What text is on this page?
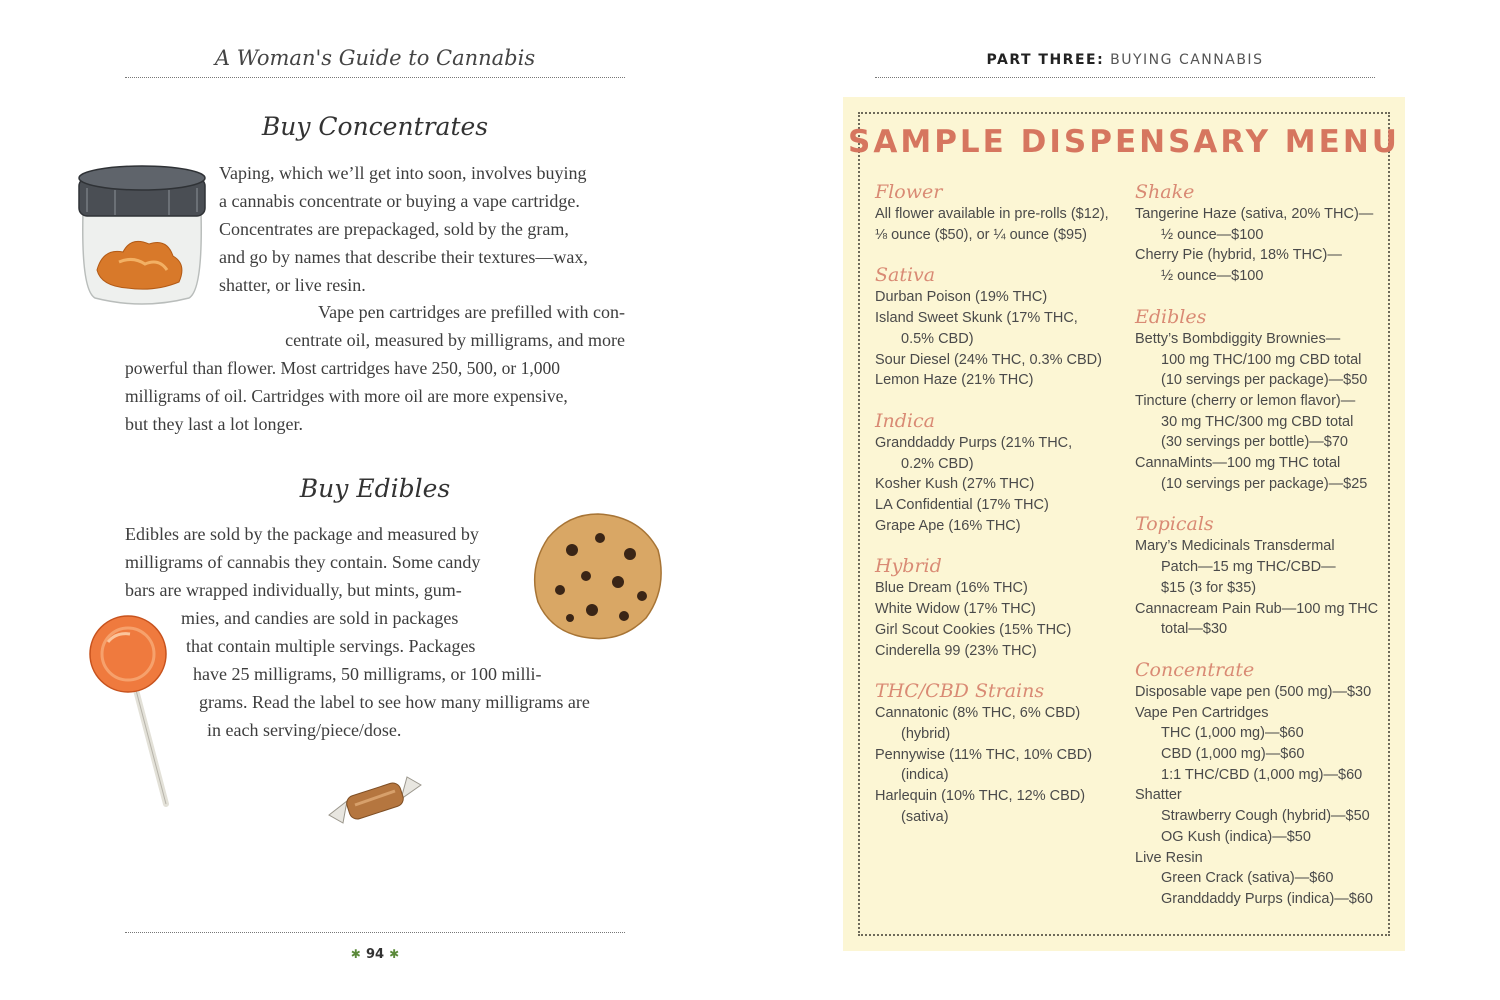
A Woman's Guide to Cannabis
Buy Concentrates
Vaping, which we’ll get into soon, involves buying
a cannabis concentrate or buying a vape cartridge.
Concentrates are prepackaged, sold by the gram,
and go by names that describe their textures—wax,
shatter, or live resin.
Vape pen cartridges are prefilled with con-
centrate oil, measured by milligrams, and more
powerful than flower. Most cartridges have 250, 500, or 1,000
milligrams of oil. Cartridges with more oil are more expensive,
but they last a lot longer.
Buy Edibles
Edibles are sold by the package and measured by
milligrams of cannabis they contain. Some candy
bars are wrapped individually, but mints, gum-
mies, and candies are sold in packages
that contain multiple servings. Packages
have 25 milligrams, 50 milligrams, or 100 milli-
grams. Read the label to see how many milligrams are
in each serving/piece/dose.
✱ 94 ✱
PART THREE: BUYING CANNABIS
SAMPLE DISPENSARY MENU
Flower
All flower available in pre-rolls ($12),
⅛ ounce ($50), or ¼ ounce ($95)
Sativa
Durban Poison (19% THC)
Island Sweet Skunk (17% THC,
0.5% CBD)
Sour Diesel (24% THC, 0.3% CBD)
Lemon Haze (21% THC)
Indica
Granddaddy Purps (21% THC,
0.2% CBD)
Kosher Kush (27% THC)
LA Confidential (17% THC)
Grape Ape (16% THC)
Hybrid
Blue Dream (16% THC)
White Widow (17% THC)
Girl Scout Cookies (15% THC)
Cinderella 99 (23% THC)
THC/CBD Strains
Cannatonic (8% THC, 6% CBD)
(hybrid)
Pennywise (11% THC, 10% CBD)
(indica)
Harlequin (10% THC, 12% CBD)
(sativa)
Shake
Tangerine Haze (sativa, 20% THC)—
½ ounce—$100
Cherry Pie (hybrid, 18% THC)—
½ ounce—$100
Edibles
Betty’s Bombdiggity Brownies—
100 mg THC/100 mg CBD total
(10 servings per package)—$50
Tincture (cherry or lemon flavor)—
30 mg THC/300 mg CBD total
(30 servings per bottle)—$70
CannaMints—100 mg THC total
(10 servings per package)—$25
Topicals
Mary’s Medicinals Transdermal
Patch—15 mg THC/CBD—
$15 (3 for $35)
Cannacream Pain Rub—100 mg THC
total—$30
Concentrate
Disposable vape pen (500 mg)—$30
Vape Pen Cartridges
THC (1,000 mg)—$60
CBD (1,000 mg)—$60
1:1 THC/CBD (1,000 mg)—$60
Shatter
Strawberry Cough (hybrid)—$50
OG Kush (indica)—$50
Live Resin
Green Crack (sativa)—$60
Granddaddy Purps (indica)—$60
